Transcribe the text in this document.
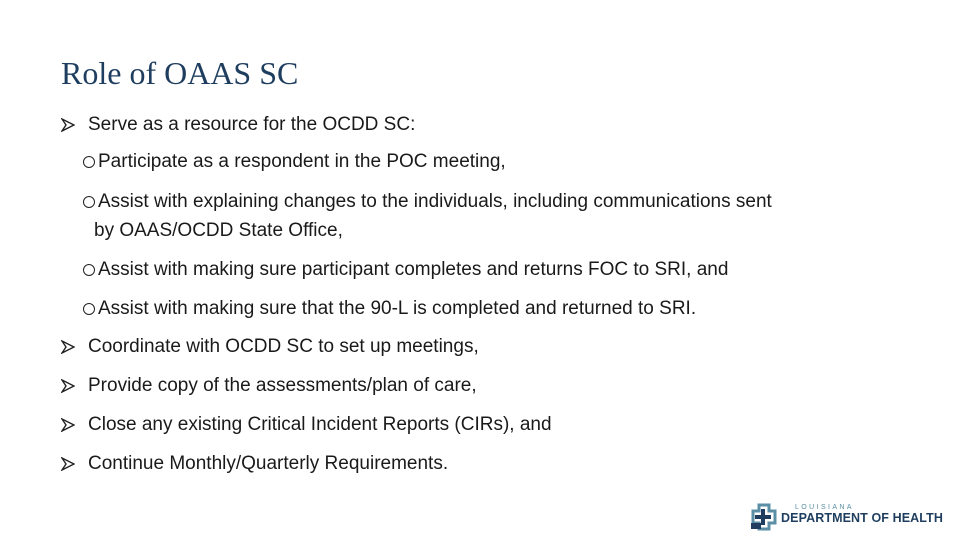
Role of OAAS SC
Serve as a resource for the OCDD SC:
Participate as a respondent in the POC meeting,
Assist with explaining changes to the individuals, including communications sent
by OAAS/OCDD State Office,
Assist with making sure participant completes and returns FOC to SRI, and
Assist with making sure that the 90-L is completed and returned to SRI.
Coordinate with OCDD SC to set up meetings,
Provide copy of the assessments/plan of care,
Close any existing Critical Incident Reports (CIRs), and
Continue Monthly/Quarterly Requirements.
LOUISIANA
DEPARTMENT OF HEALTH
